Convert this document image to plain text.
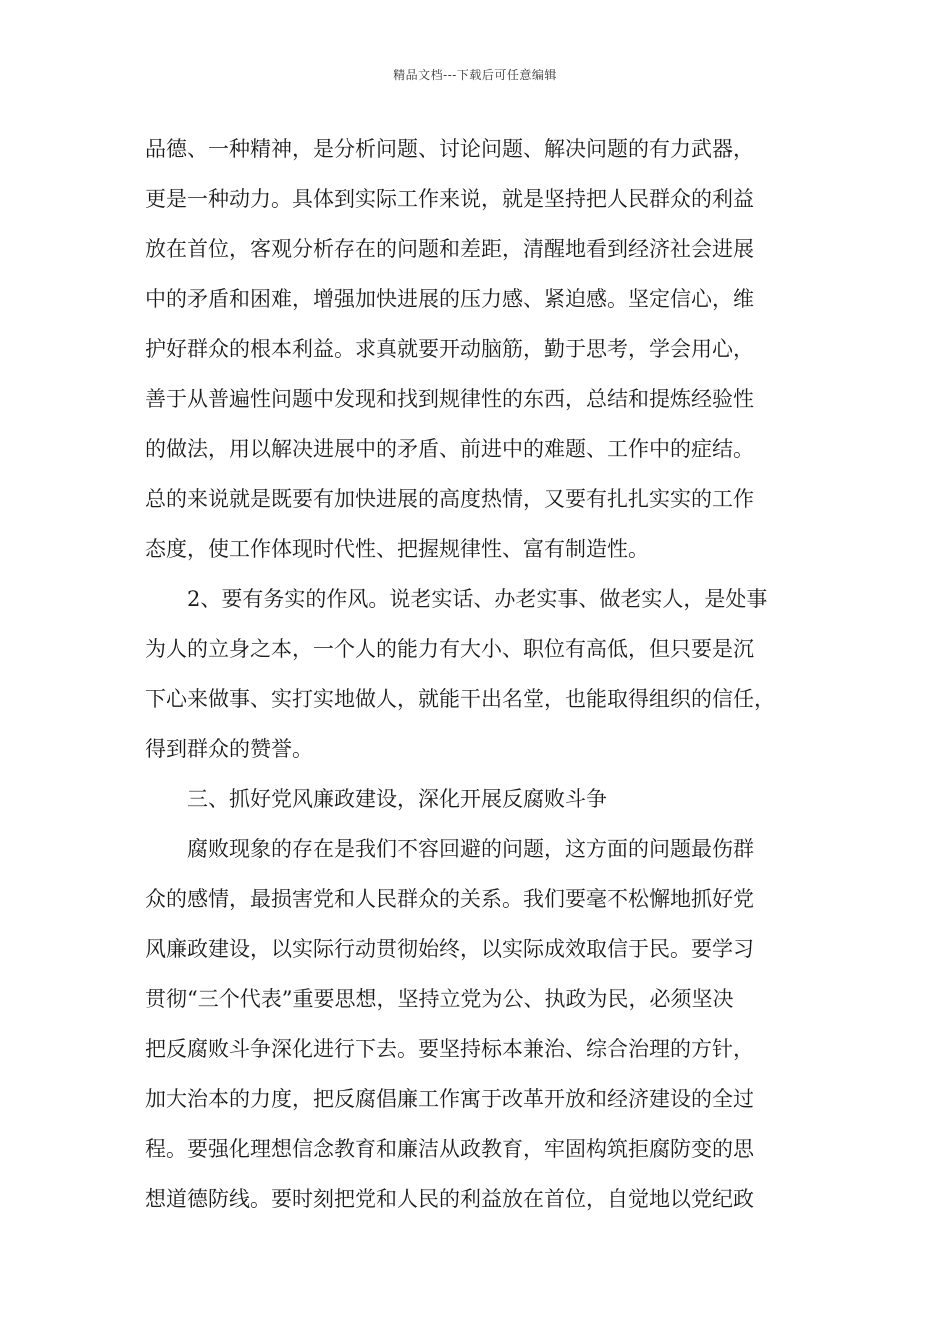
精品文档---下载后可任意编辑
品德、一种精神，是分析问题、讨论问题、解决问题的有力武器，
更是一种动力。具体到实际工作来说，就是坚持把人民群众的利益
放在首位，客观分析存在的问题和差距，清醒地看到经济社会进展
中的矛盾和困难，增强加快进展的压力感、紧迫感。坚定信心，维
护好群众的根本利益。求真就要开动脑筋，勤于思考，学会用心，
善于从普遍性问题中发现和找到规律性的东西，总结和提炼经验性
的做法，用以解决进展中的矛盾、前进中的难题、工作中的症结。
总的来说就是既要有加快进展的高度热情，又要有扎扎实实的工作
态度，使工作体现时代性、把握规律性、富有制造性。
2、要有务实的作风。说老实话、办老实事、做老实人，是处事
为人的立身之本，一个人的能力有大小、职位有高低，但只要是沉
下心来做事、实打实地做人，就能干出名堂，也能取得组织的信任，
得到群众的赞誉。
三、抓好党风廉政建设，深化开展反腐败斗争
腐败现象的存在是我们不容回避的问题，这方面的问题最伤群
众的感情，最损害党和人民群众的关系。我们要毫不松懈地抓好党
风廉政建设，以实际行动贯彻始终，以实际成效取信于民。要学习
贯彻“三个代表”重要思想，坚持立党为公、执政为民，必须坚决
把反腐败斗争深化进行下去。要坚持标本兼治、综合治理的方针，
加大治本的力度，把反腐倡廉工作寓于改革开放和经济建设的全过
程。要强化理想信念教育和廉洁从政教育，牢固构筑拒腐防变的思
想道德防线。要时刻把党和人民的利益放在首位，自觉地以党纪政
